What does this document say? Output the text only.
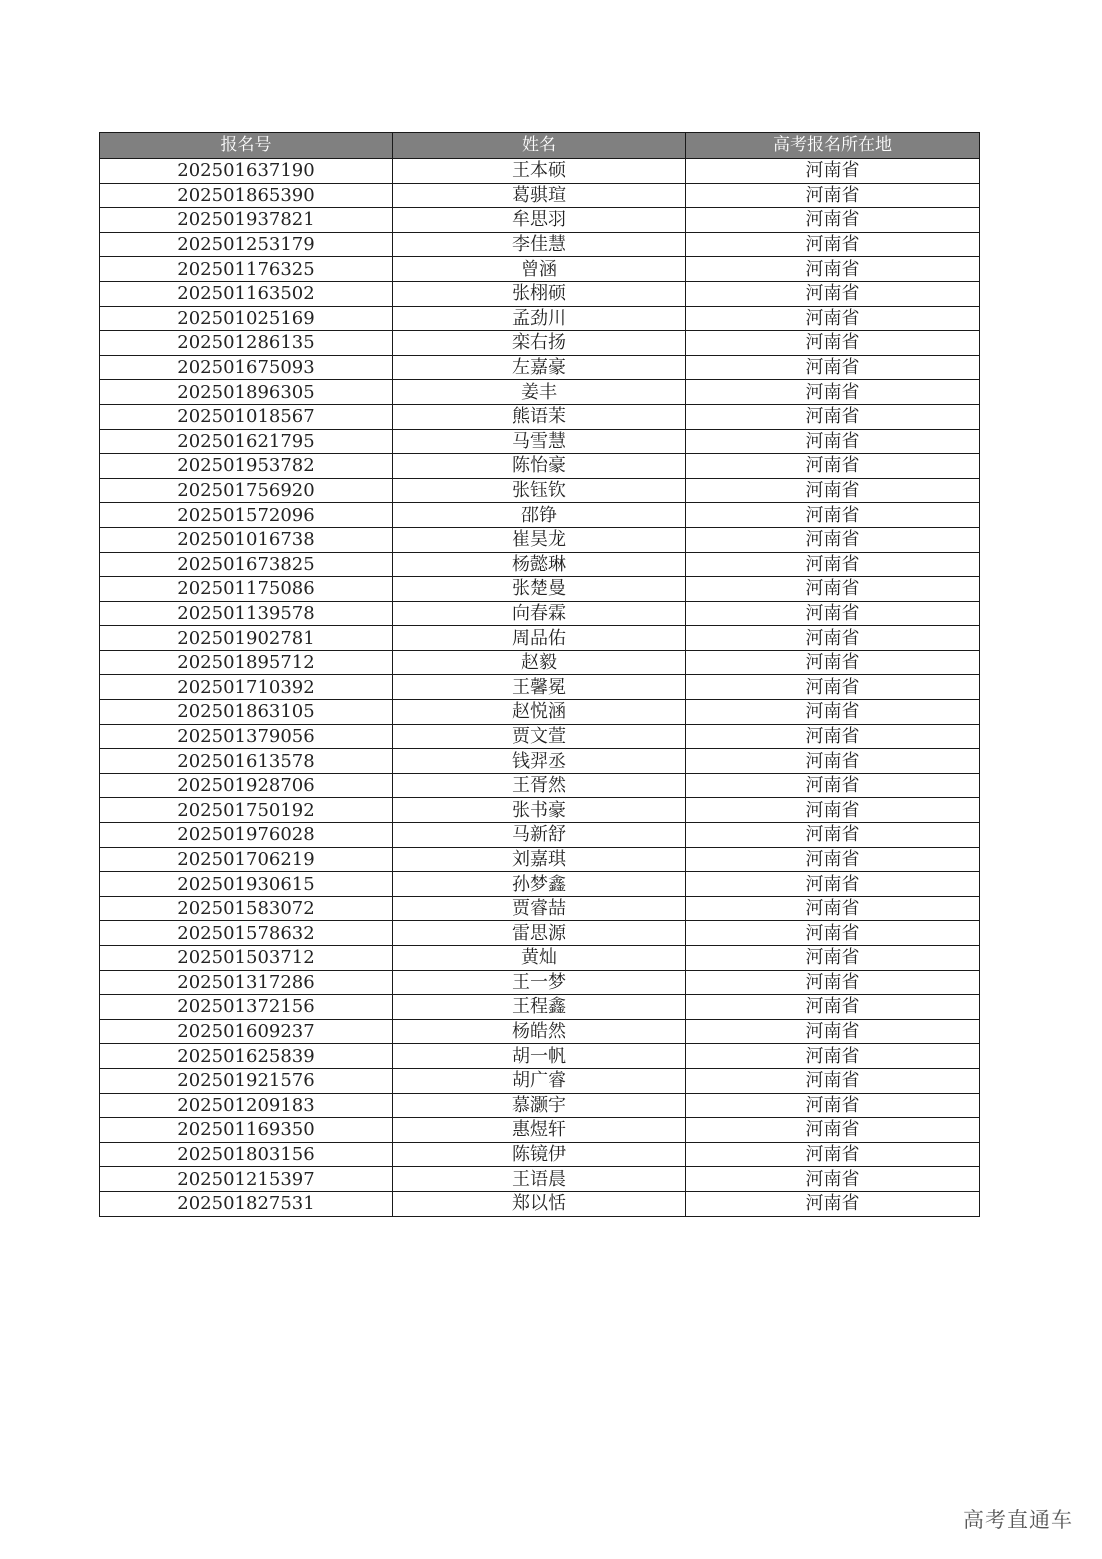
报名号	姓名	高考报名所在地
202501637190	王本硕	河南省
202501865390	葛骐瑄	河南省
202501937821	牟思羽	河南省
202501253179	李佳慧	河南省
202501176325	曾涵	河南省
202501163502	张栩硕	河南省
202501025169	孟劲川	河南省
202501286135	栾右扬	河南省
202501675093	左嘉豪	河南省
202501896305	姜丰	河南省
202501018567	熊语茉	河南省
202501621795	马雪慧	河南省
202501953782	陈怡豪	河南省
202501756920	张钰钦	河南省
202501572096	邵铮	河南省
202501016738	崔昊龙	河南省
202501673825	杨懿琳	河南省
202501175086	张楚曼	河南省
202501139578	向春霖	河南省
202501902781	周品佑	河南省
202501895712	赵毅	河南省
202501710392	王馨冕	河南省
202501863105	赵悦涵	河南省
202501379056	贾文萱	河南省
202501613578	钱羿丞	河南省
202501928706	王胥然	河南省
202501750192	张书豪	河南省
202501976028	马新舒	河南省
202501706219	刘嘉琪	河南省
202501930615	孙梦鑫	河南省
202501583072	贾睿喆	河南省
202501578632	雷思源	河南省
202501503712	黄灿	河南省
202501317286	王一梦	河南省
202501372156	王程鑫	河南省
202501609237	杨皓然	河南省
202501625839	胡一帆	河南省
202501921576	胡广睿	河南省
202501209183	慕灏宇	河南省
202501169350	惠煜轩	河南省
202501803156	陈镜伊	河南省
202501215397	王语晨	河南省
202501827531	郑以恬	河南省
高考直通车
